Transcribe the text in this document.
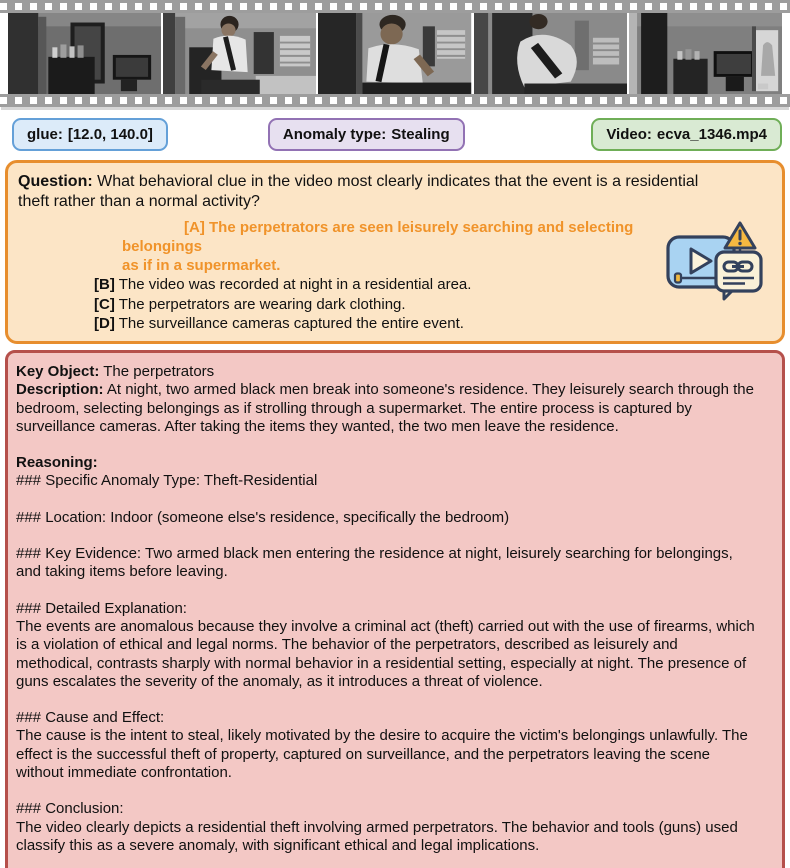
glue: [12.0, 140.0]	Anomaly type: Stealing	Video: ecva_1346.mp4

Question: What behavioral clue in the video most clearly indicates that the event is a residential theft rather than a normal activity?

[A] The perpetrators are seen leisurely searching and selecting belongings
as if in a supermarket.
[B] The video was recorded at night in a residential area.
[C] The perpetrators are wearing dark clothing.
[D] The surveillance cameras captured the entire event.
Key Object: The perpetrators
Description: At night, two armed black men break into someone's residence. They leisurely search through the bedroom, selecting belongings as if strolling through a supermarket. The entire process is captured by surveillance cameras. After taking the items they wanted, the two men leave the residence.
Reasoning:
### Specific Anomaly Type: Theft-Residential
### Location: Indoor (someone else's residence, specifically the bedroom)
### Key Evidence: Two armed black men entering the residence at night, leisurely searching for belongings, and taking items before leaving.
### Detailed Explanation:
The events are anomalous because they involve a criminal act (theft) carried out with the use of firearms, which is a violation of ethical and legal norms. The behavior of the perpetrators, described as leisurely and methodical, contrasts sharply with normal behavior in a residential setting, especially at night. The presence of guns escalates the severity of the anomaly, as it introduces a threat of violence.
### Cause and Effect:
The cause is the intent to steal, likely motivated by the desire to acquire the victim's belongings unlawfully. The effect is the successful theft of property, captured on surveillance, and the perpetrators leaving the scene without immediate confrontation.
### Conclusion:
The video clearly depicts a residential theft involving armed perpetrators. The behavior and tools (guns) used classify this as a severe anomaly, with significant ethical and legal implications.
